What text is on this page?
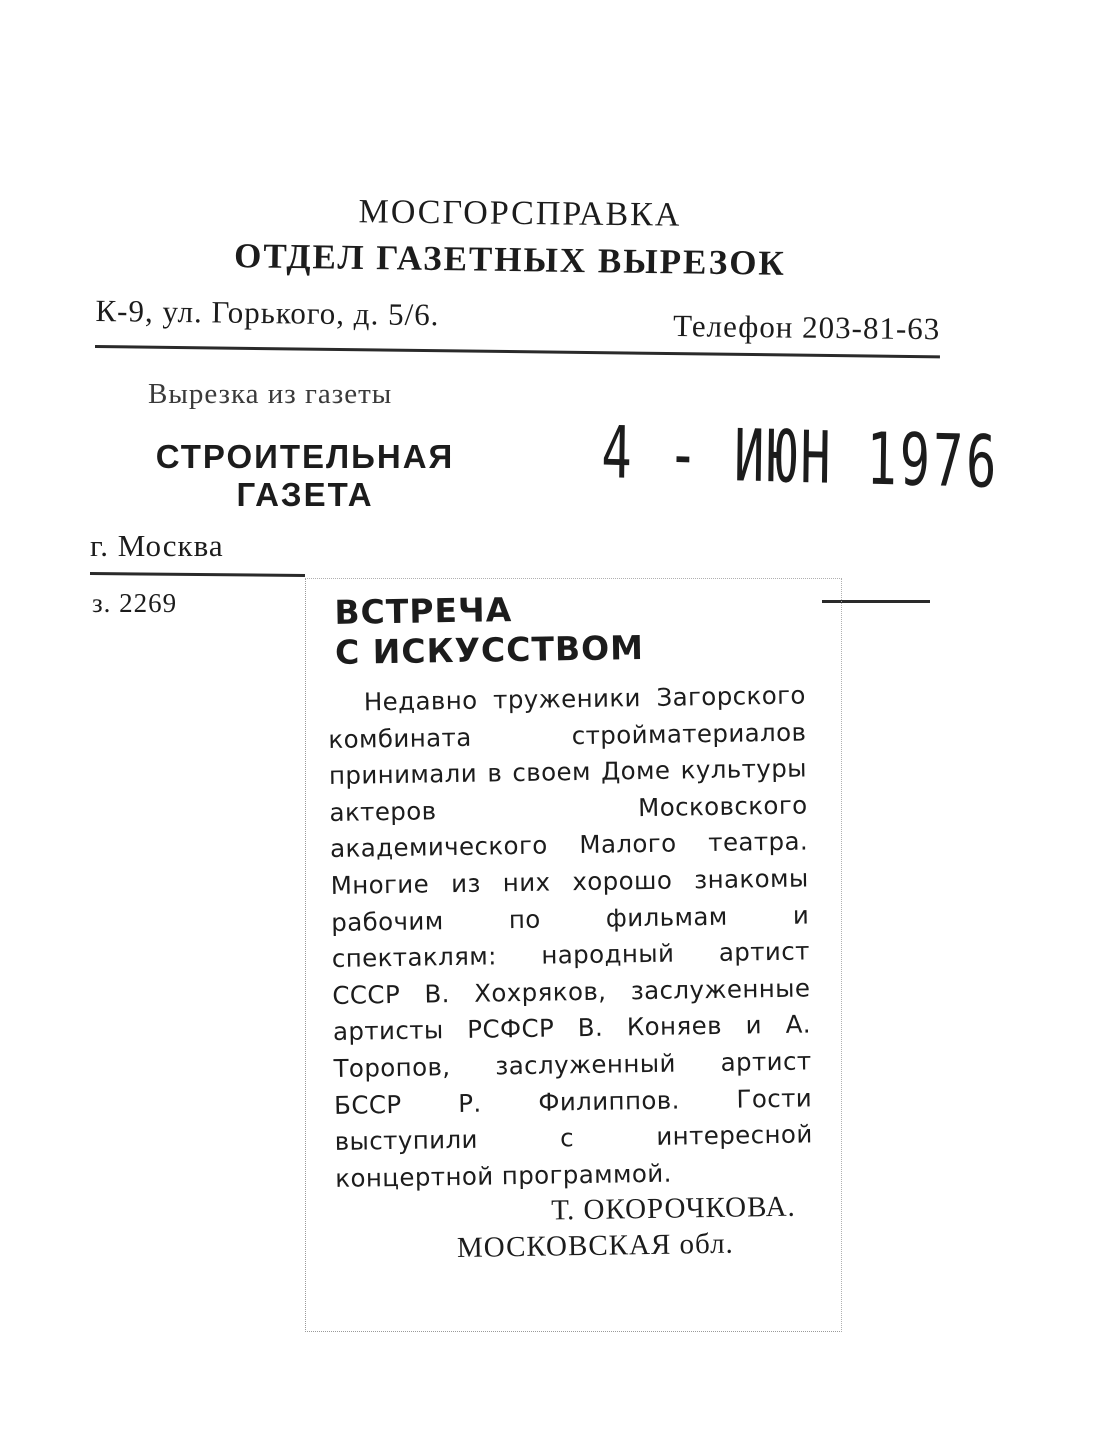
МОСГОРСПРАВКА
ОТДЕЛ ГАЗЕТНЫХ ВЫРЕЗОК
К-9, ул. Горького, д. 5/6.	Телефон 203-81-63
Вырезка из газеты
СТРОИТЕЛЬНАЯ
ГАЗЕТА
г. Москва
з. 2269
4 - ИЮН 1976
ВСТРЕЧА
С ИСКУССТВОМ

Недавно труженики Загорского комбината стройматериалов принимали в своем Доме культуры актеров Московского академического Малого театра. Многие из них хорошо знакомы рабочим по фильмам и спектаклям: народный артист СССР В. Хохряков, заслуженные артисты РСФСР В. Коняев и А. Торопов, заслуженный артист БССР Р. Филиппов. Гости выступили с интересной концертной программой.

Т. ОКОРОЧКОВА.
МОСКОВСКАЯ обл.
